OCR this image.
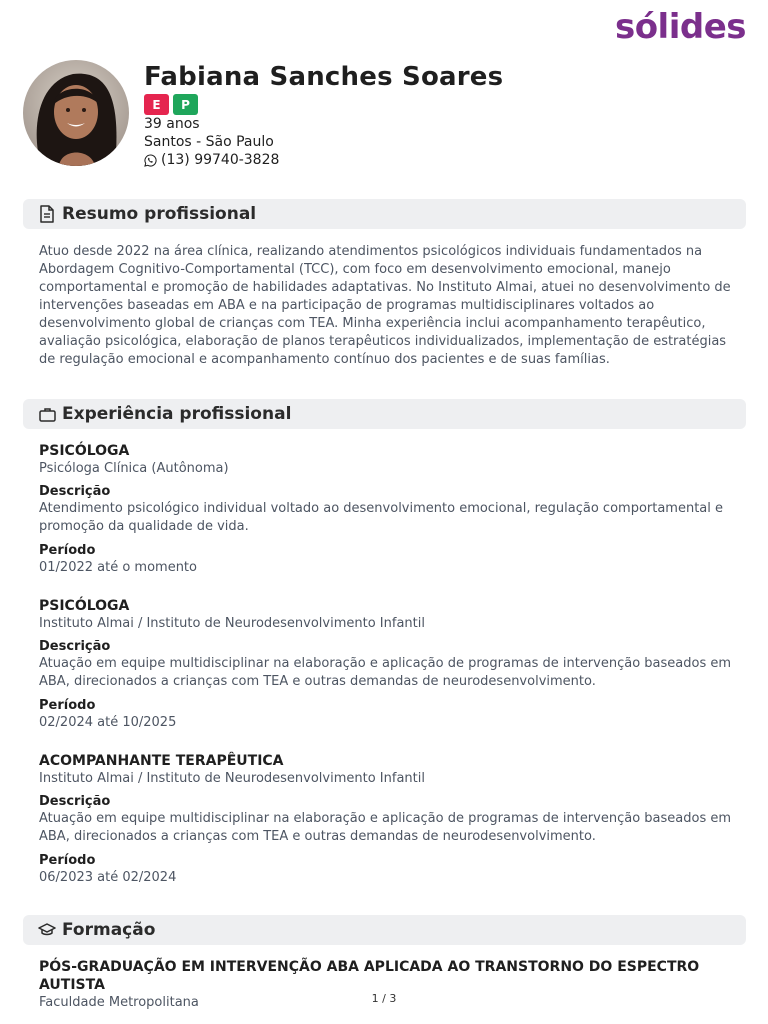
sólides
Fabiana Sanches Soares
E	P
39 anos
Santos - São Paulo
(13) 99740-3828
Resumo profissional
Atuo desde 2022 na área clínica, realizando atendimentos psicológicos individuais fundamentados na Abordagem Cognitivo-Comportamental (TCC), com foco em desenvolvimento emocional, manejo comportamental e promoção de habilidades adaptativas. No Instituto Almai, atuei no desenvolvimento de intervenções baseadas em ABA e na participação de programas multidisciplinares voltados ao desenvolvimento global de crianças com TEA. Minha experiência inclui acompanhamento terapêutico, avaliação psicológica, elaboração de planos terapêuticos individualizados, implementação de estratégias de regulação emocional e acompanhamento contínuo dos pacientes e de suas famílias.
Experiência profissional
PSICÓLOGA
Psicóloga Clínica (Autônoma)
Descrição
Atendimento psicológico individual voltado ao desenvolvimento emocional, regulação comportamental e promoção da qualidade de vida.
Período
01/2022 até o momento
PSICÓLOGA
Instituto Almai / Instituto de Neurodesenvolvimento Infantil
Descrição
Atuação em equipe multidisciplinar na elaboração e aplicação de programas de intervenção baseados em ABA, direcionados a crianças com TEA e outras demandas de neurodesenvolvimento.
Período
02/2024 até 10/2025
ACOMPANHANTE TERAPÊUTICA
Instituto Almai / Instituto de Neurodesenvolvimento Infantil
Descrição
Atuação em equipe multidisciplinar na elaboração e aplicação de programas de intervenção baseados em ABA, direcionados a crianças com TEA e outras demandas de neurodesenvolvimento.
Período
06/2023 até 02/2024
Formação
PÓS-GRADUAÇÃO EM INTERVENÇÃO ABA APLICADA AO TRANSTORNO DO ESPECTRO AUTISTA
Faculdade Metropolitana	1 / 3
